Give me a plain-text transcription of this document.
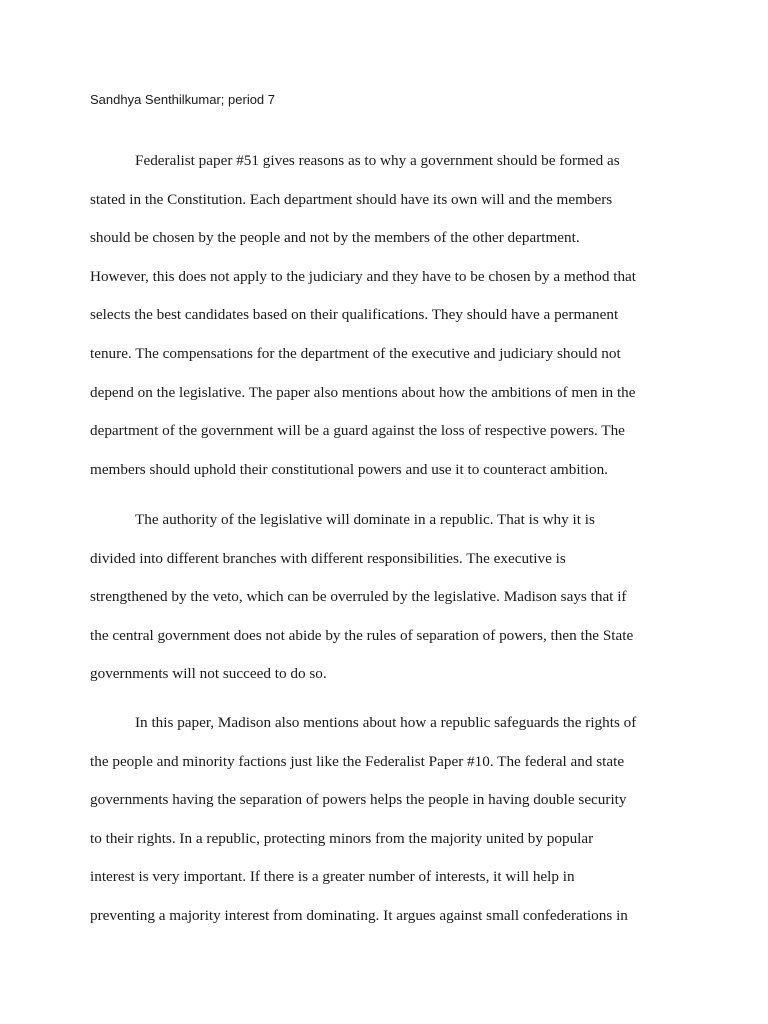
Sandhya Senthilkumar; period 7
Federalist paper #51 gives reasons as to why a government should be formed as
stated in the Constitution. Each department should have its own will and the members
should be chosen by the people and not by the members of the other department.
However, this does not apply to the judiciary and they have to be chosen by a method that
selects the best candidates based on their qualifications. They should have a permanent
tenure. The compensations for the department of the executive and judiciary should not
depend on the legislative. The paper also mentions about how the ambitions of men in the
department of the government will be a guard against the loss of respective powers. The
members should uphold their constitutional powers and use it to counteract ambition.
The authority of the legislative will dominate in a republic. That is why it is
divided into different branches with different responsibilities. The executive is
strengthened by the veto, which can be overruled by the legislative. Madison says that if
the central government does not abide by the rules of separation of powers, then the State
governments will not succeed to do so.
In this paper, Madison also mentions about how a republic safeguards the rights of
the people and minority factions just like the Federalist Paper #10. The federal and state
governments having the separation of powers helps the people in having double security
to their rights. In a republic, protecting minors from the majority united by popular
interest is very important. If there is a greater number of interests, it will help in
preventing a majority interest from dominating. It argues against small confederations in
